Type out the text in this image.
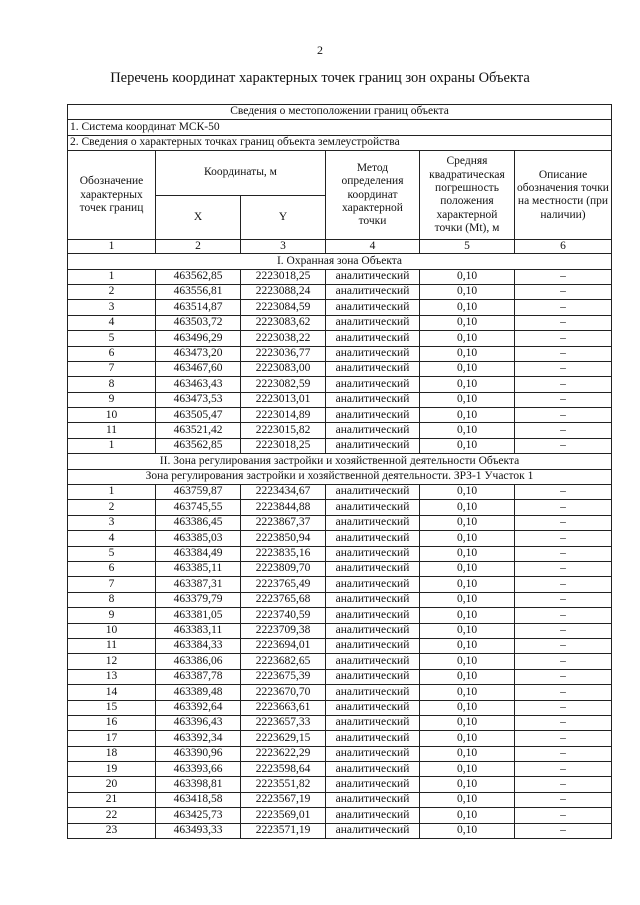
2
Перечень координат характерных точек границ зон охраны Объекта
Сведения о местоположении границ объекта					
1. Система координат МСК-50					
2. Сведения о характерных точках границ объекта землеустройства					
Обозначение характерных точек границ	Координаты, м		Метод определения координат характерной точки	Средняя квадратическая погрешность положения характерной точки (Mt), м	Описание обозначения точки на местности (при наличии)
	X	Y			
1	2	3	4	5	6
I. Охранная зона Объекта					
1	463562,85	2223018,25	аналитический	0,10	–
2	463556,81	2223088,24	аналитический	0,10	–
3	463514,87	2223084,59	аналитический	0,10	–
4	463503,72	2223083,62	аналитический	0,10	–
5	463496,29	2223038,22	аналитический	0,10	–
6	463473,20	2223036,77	аналитический	0,10	–
7	463467,60	2223083,00	аналитический	0,10	–
8	463463,43	2223082,59	аналитический	0,10	–
9	463473,53	2223013,01	аналитический	0,10	–
10	463505,47	2223014,89	аналитический	0,10	–
11	463521,42	2223015,82	аналитический	0,10	–
1	463562,85	2223018,25	аналитический	0,10	–
II. Зона регулирования застройки и хозяйственной деятельности Объекта					
Зона регулирования застройки и хозяйственной деятельности. ЗРЗ-1 Участок 1					
1	463759,87	2223434,67	аналитический	0,10	–
2	463745,55	2223844,88	аналитический	0,10	–
3	463386,45	2223867,37	аналитический	0,10	–
4	463385,03	2223850,94	аналитический	0,10	–
5	463384,49	2223835,16	аналитический	0,10	–
6	463385,11	2223809,70	аналитический	0,10	–
7	463387,31	2223765,49	аналитический	0,10	–
8	463379,79	2223765,68	аналитический	0,10	–
9	463381,05	2223740,59	аналитический	0,10	–
10	463383,11	2223709,38	аналитический	0,10	–
11	463384,33	2223694,01	аналитический	0,10	–
12	463386,06	2223682,65	аналитический	0,10	–
13	463387,78	2223675,39	аналитический	0,10	–
14	463389,48	2223670,70	аналитический	0,10	–
15	463392,64	2223663,61	аналитический	0,10	–
16	463396,43	2223657,33	аналитический	0,10	–
17	463392,34	2223629,15	аналитический	0,10	–
18	463390,96	2223622,29	аналитический	0,10	–
19	463393,66	2223598,64	аналитический	0,10	–
20	463398,81	2223551,82	аналитический	0,10	–
21	463418,58	2223567,19	аналитический	0,10	–
22	463425,73	2223569,01	аналитический	0,10	–
23	463493,33	2223571,19	аналитический	0,10	–
